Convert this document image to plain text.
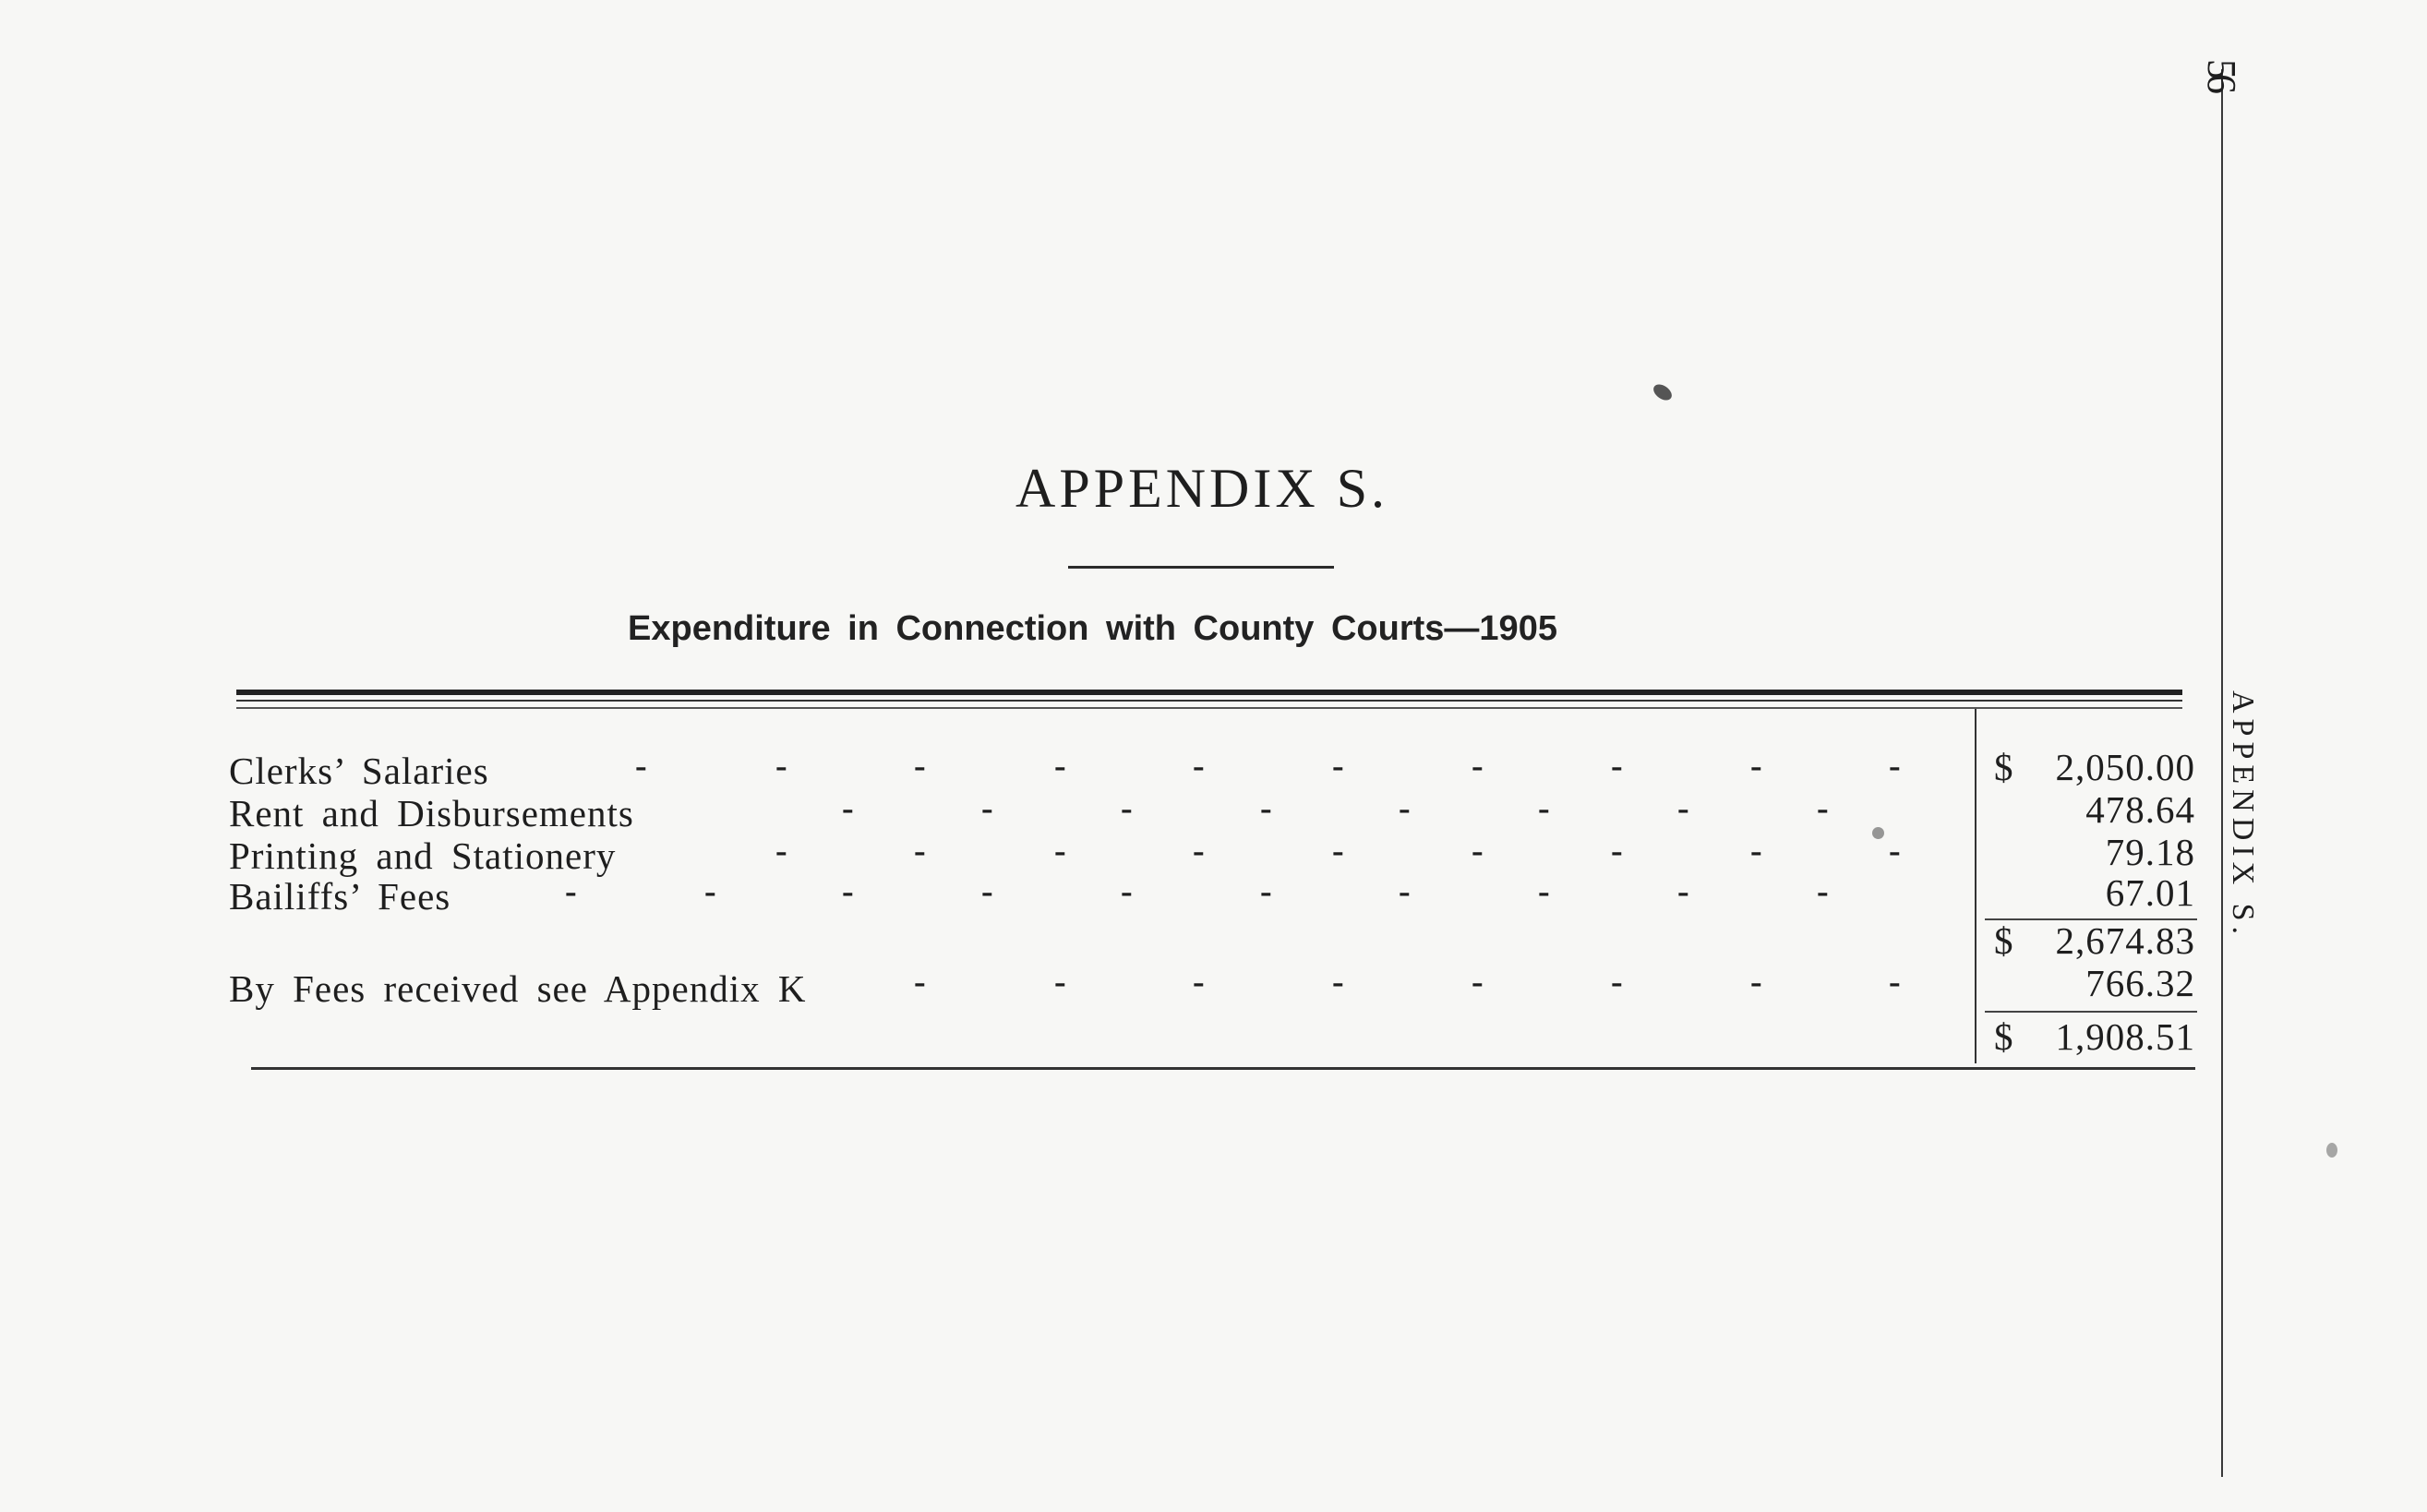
56
APPENDIX S.
APPENDIX S.
Expenditure in Connection with County Courts—1905
Clerks’ Salaries	$	2,050.00
Rent and Disbursements	478.64
Printing and Stationery	79.18
Bailiffs’ Fees	67.01
$	2,674.83
By Fees received see Appendix K	766.32
$	1,908.51
-	-	-	-	-	-	-	-	-	-
-	-	-	-	-	-	-	-
-	-	-	-	-	-	-	-	-
-	-	-	-	-	-	-	-	-	-
-	-	-	-	-	-	-	-
